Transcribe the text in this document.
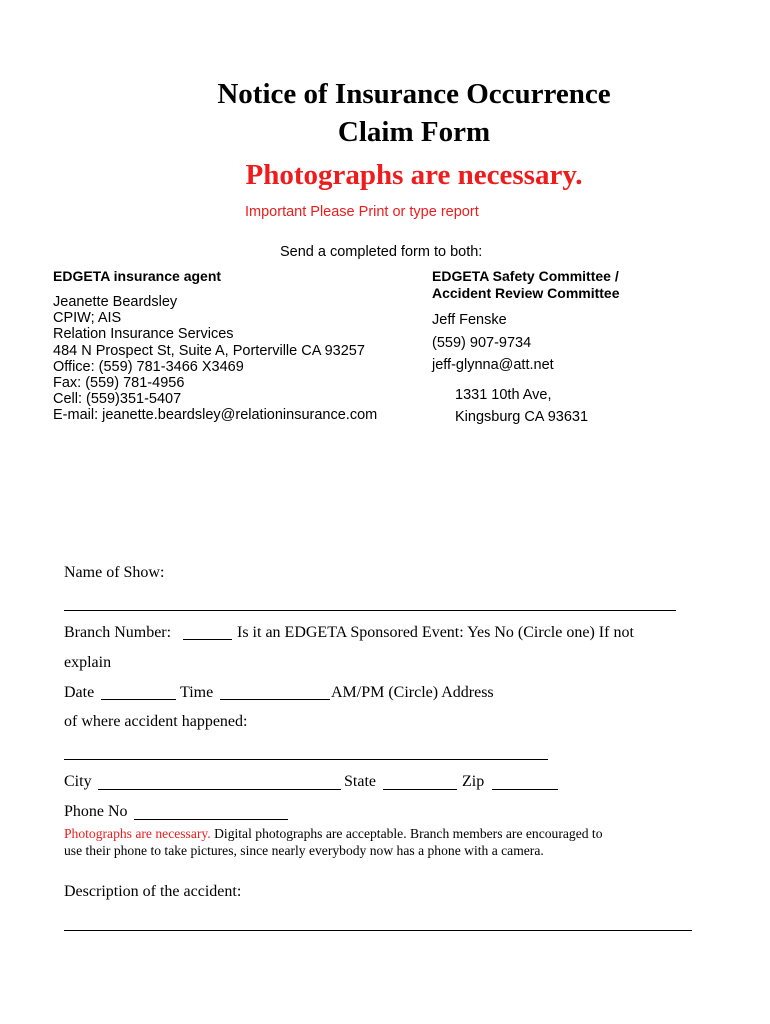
Notice of Insurance Occurrence
Claim Form
Photographs are necessary.
Important Please Print or type report
Send a completed form to both:
EDGETA insurance agent
Jeanette Beardsley
CPIW; AIS
Relation Insurance Services
484 N Prospect St, Suite A, Porterville CA 93257
Office: (559) 781-3466 X3469
Fax: (559) 781-4956
Cell: (559)351-5407
E-mail: jeanette.beardsley@relationinsurance.com
EDGETA Safety Committee /
Accident Review Committee
Jeff Fenske
(559) 907-9734
jeff-glynna@att.net
1331 10th Ave,
Kingsburg CA 93631
Name of Show:
Branch Number:	Is it an EDGETA Sponsored Event: Yes No (Circle one) If not
explain
Date	Time	AM/PM (Circle) Address
of where accident happened:
City	State	Zip
Phone No
Photographs are necessary. Digital photographs are acceptable. Branch members are encouraged to
use their phone to take pictures, since nearly everybody now has a phone with a camera.
Description of the accident:
